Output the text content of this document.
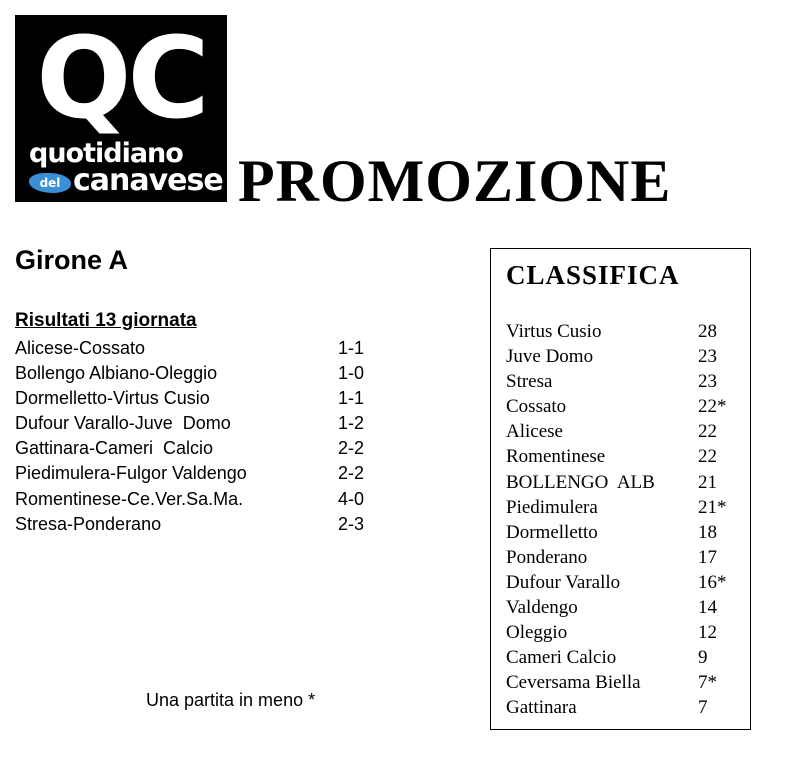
QC
quotidiano
del canavese PROMOZIONE
Girone A
Risultati 13 giornata
Alicese-Cossato	1-1
Bollengo Albiano-Oleggio	1-0
Dormelletto-Virtus Cusio	1-1
Dufour Varallo-Juve  Domo	1-2
Gattinara-Cameri  Calcio	2-2
Piedimulera-Fulgor Valdengo	2-2
Romentinese-Ce.Ver.Sa.Ma.	4-0
Stresa-Ponderano	2-3
Una partita in meno *
CLASSIFICA
Virtus Cusio	28
Juve Domo	23
Stresa	23
Cossato	22*
Alicese	22
Romentinese	22
BOLLENGO  ALB	21
Piedimulera	21*
Dormelletto	18
Ponderano	17
Dufour Varallo	16*
Valdengo	14
Oleggio	12
Cameri Calcio	9
Ceversama Biella	7*
Gattinara	7
